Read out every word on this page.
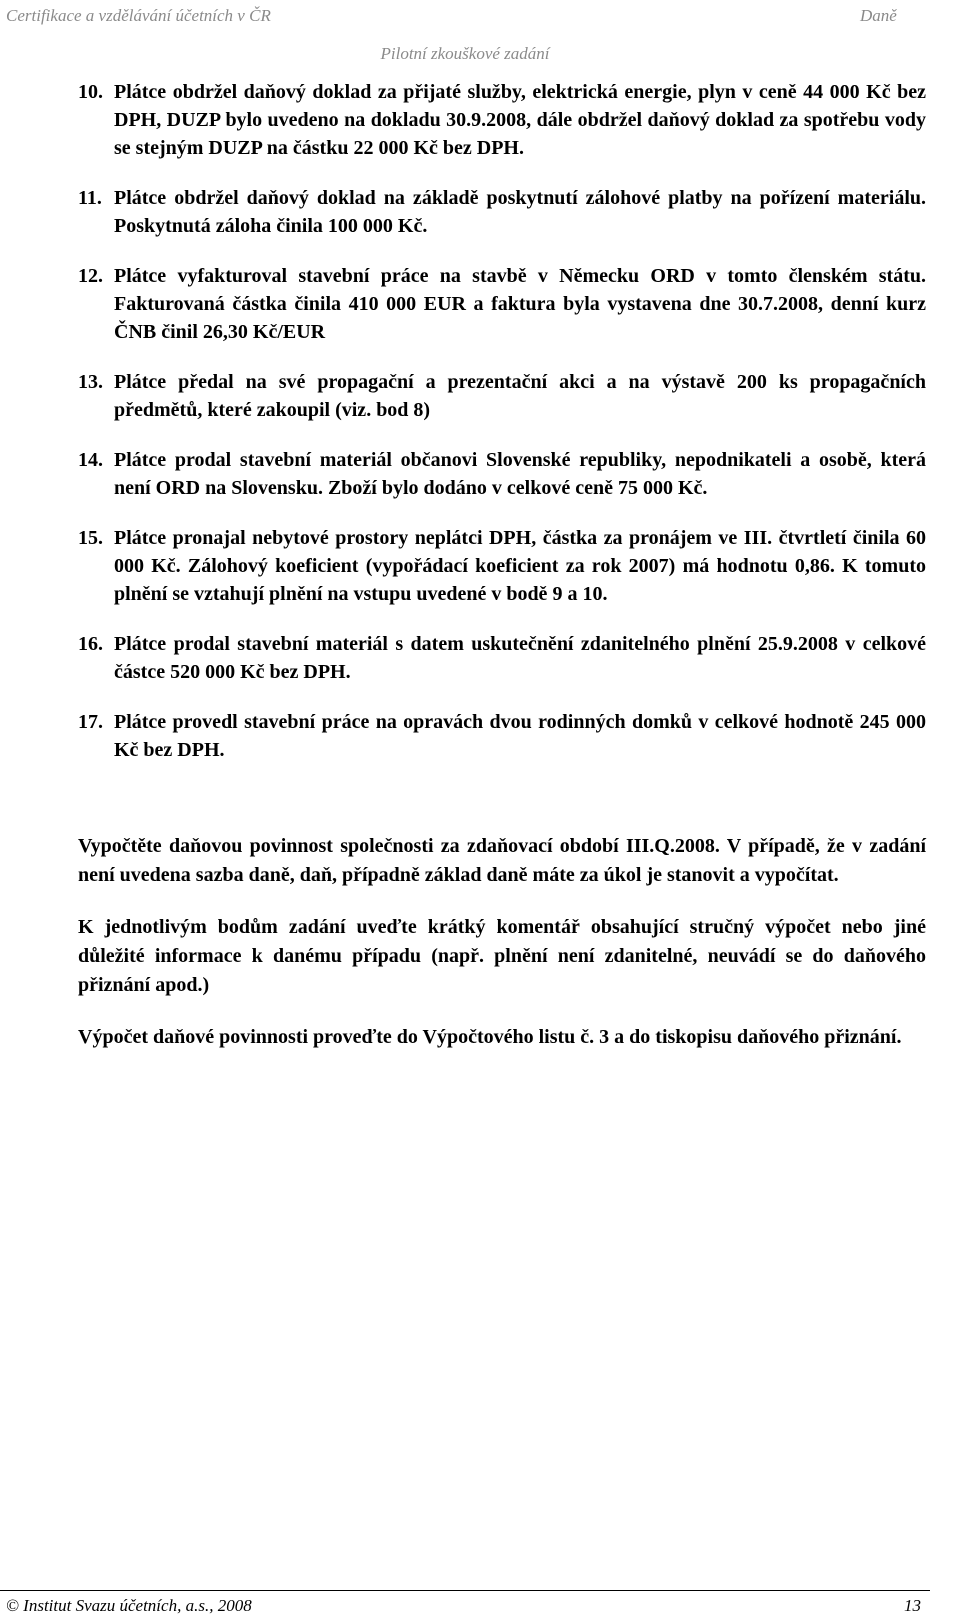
Certifikace a vzdělávání účetních v ČR	Daně
Pilotní zkouškové zadání
10. Plátce obdržel daňový doklad za přijaté služby, elektrická energie, plyn v ceně 44 000 Kč bez DPH, DUZP bylo uvedeno na dokladu 30.9.2008, dále obdržel daňový doklad za spotřebu vody se stejným DUZP na částku 22 000 Kč bez DPH.
11. Plátce obdržel daňový doklad na základě poskytnutí zálohové platby na pořízení materiálu. Poskytnutá záloha činila 100 000 Kč.
12. Plátce vyfakturoval stavební práce na stavbě v Německu ORD v tomto členském státu. Fakturovaná částka činila 410 000 EUR a faktura byla vystavena dne 30.7.2008, denní kurz ČNB činil 26,30 Kč/EUR
13. Plátce předal na své propagační a prezentační akci a na výstavě 200 ks propagačních předmětů, které zakoupil (viz. bod 8)
14. Plátce prodal stavební materiál občanovi Slovenské republiky, nepodnikateli a osobě, která není ORD na Slovensku. Zboží bylo dodáno v celkové ceně 75 000 Kč.
15. Plátce pronajal nebytové prostory neplátci DPH, částka za pronájem ve III. čtvrtletí činila 60 000 Kč. Zálohový koeficient (vypořádací koeficient za rok 2007) má hodnotu 0,86. K tomuto plnění se vztahují plnění na vstupu uvedené v bodě 9 a 10.
16. Plátce prodal stavební materiál s datem uskutečnění zdanitelného plnění 25.9.2008 v celkové částce 520 000 Kč bez DPH.
17. Plátce provedl stavební práce na opravách dvou rodinných domků v celkové hodnotě 245 000 Kč bez DPH.

Vypočtěte daňovou povinnost společnosti za zdaňovací období III.Q.2008. V případě, že v zadání není uvedena sazba daně, daň, případně základ daně máte za úkol je stanovit a vypočítat.

K jednotlivým bodům zadání uveďte krátký komentář obsahující stručný výpočet nebo jiné důležité informace k danému případu (např. plnění není zdanitelné, neuvádí se do daňového přiznání apod.)

Výpočet daňové povinnosti proveďte do Výpočtového listu č. 3 a do tiskopisu daňového přiznání.

© Institut Svazu účetních, a.s., 2008	13
